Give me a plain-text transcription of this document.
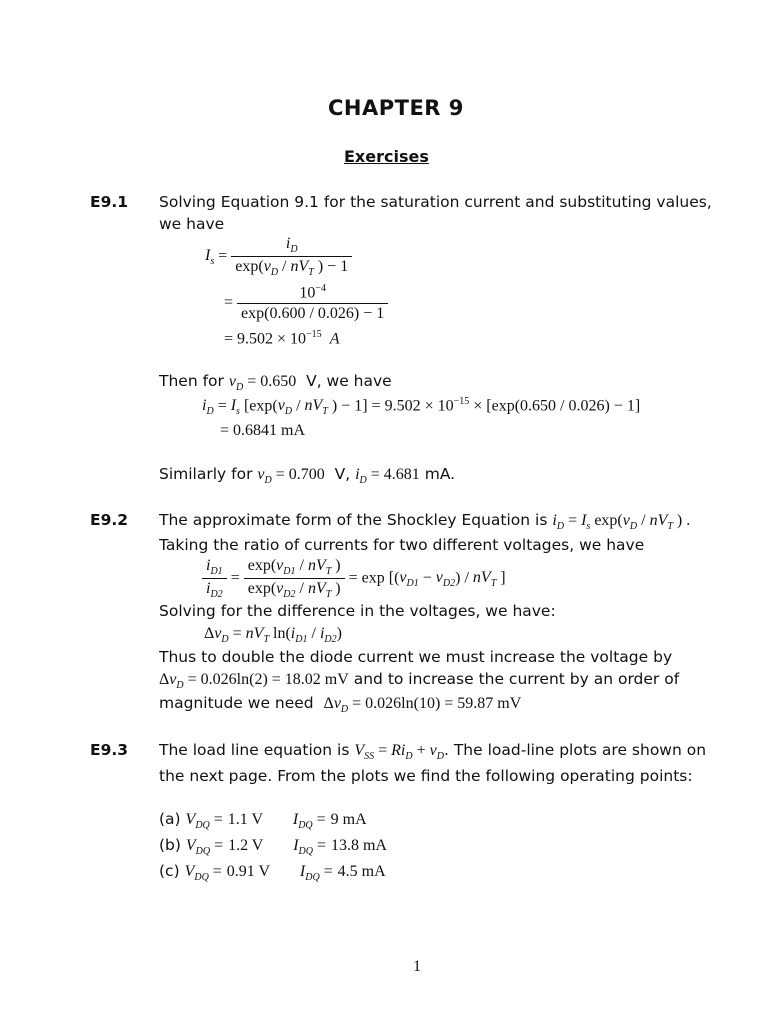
CHAPTER 9
Exercises
E9.1 Solving Equation 9.1 for the saturation current and substituting values,
we have
$I_s = \frac{i_D}{\exp(v_D / nV_T ) - 1}$
= $\frac{10^{-4}}{\exp(0.600 / 0.026) - 1}$
= $9.502 \times 10^{-15}$ A
Then for $v_D = 0.650$  V, we have
$i_D = I_s$ [$\exp(v_D / nV_T$ ) − $1] = 9.502 \times 10^{-15} \times [\exp(0.650 / 0.026) - 1]$
= 0.6841 mA
Similarly for $v_D = 0.700$  V, $i_D = 4.681$ mA.
E9.2 The approximate form of the Shockley Equation is $i_D = I_s$ $\exp(v_D / nV_T$ ) .
Taking the ratio of currents for two different voltages, we have
$\frac{i_{D1}}{i_{D2}} = \frac{\exp(v_{D1} / nV_T )}{\exp(v_{D2} / nV_T )} = \exp [(v_{D1} - v_{D2}) / nV_T$ ]
Solving for the difference in the voltages, we have:
$\Delta v_D = nV_T$ $\ln(i_{D1} / i_{D2})$
Thus to double the diode current we must increase the voltage by
$\Delta v_D = 0.026\ln(2) = 18.02$ mV and to increase the current by an order of
magnitude we need $\Delta v_D = 0.026\ln(10) = 59.87$ mV
E9.3 The load line equation is $V_{SS} = Ri_D + v_D$. The load-line plots are shown on
the next page. From the plots we find the following operating points:
(a) $V_{DQ} = 1.1$ V $I_{DQ} = 9$ mA
(b) $V_{DQ} = 1.2$ V $I_{DQ} = 13.8$ mA
(c) $V_{DQ} = 0.91$ V $I_{DQ} = 4.5$ mA
1
